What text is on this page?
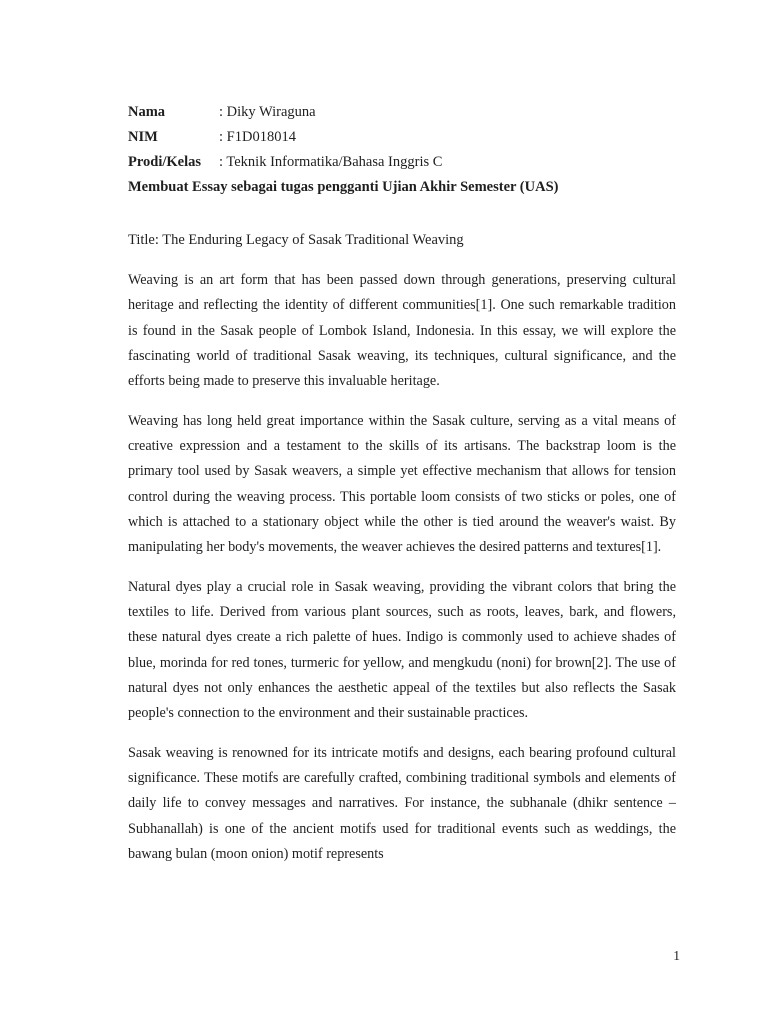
Nama	: Diky Wiraguna
NIM	: F1D018014
Prodi/Kelas	: Teknik Informatika/Bahasa Inggris C
Membuat Essay sebagai tugas pengganti Ujian Akhir Semester (UAS)
Title: The Enduring Legacy of Sasak Traditional Weaving

Weaving is an art form that has been passed down through generations, preserving cultural heritage and reflecting the identity of different communities[1]. One such remarkable tradition is found in the Sasak people of Lombok Island, Indonesia. In this essay, we will explore the fascinating world of traditional Sasak weaving, its techniques, cultural significance, and the efforts being made to preserve this invaluable heritage.

Weaving has long held great importance within the Sasak culture, serving as a vital means of creative expression and a testament to the skills of its artisans. The backstrap loom is the primary tool used by Sasak weavers, a simple yet effective mechanism that allows for tension control during the weaving process. This portable loom consists of two sticks or poles, one of which is attached to a stationary object while the other is tied around the weaver's waist. By manipulating her body's movements, the weaver achieves the desired patterns and textures[1].

Natural dyes play a crucial role in Sasak weaving, providing the vibrant colors that bring the textiles to life. Derived from various plant sources, such as roots, leaves, bark, and flowers, these natural dyes create a rich palette of hues. Indigo is commonly used to achieve shades of blue, morinda for red tones, turmeric for yellow, and mengkudu (noni) for brown[2]. The use of natural dyes not only enhances the aesthetic appeal of the textiles but also reflects the Sasak people's connection to the environment and their sustainable practices.

Sasak weaving is renowned for its intricate motifs and designs, each bearing profound cultural significance. These motifs are carefully crafted, combining traditional symbols and elements of daily life to convey messages and narratives. For instance, the subhanale (dhikr sentence – Subhanallah) is one of the ancient motifs used for traditional events such as weddings, the bawang bulan (moon onion) motif represents

1
